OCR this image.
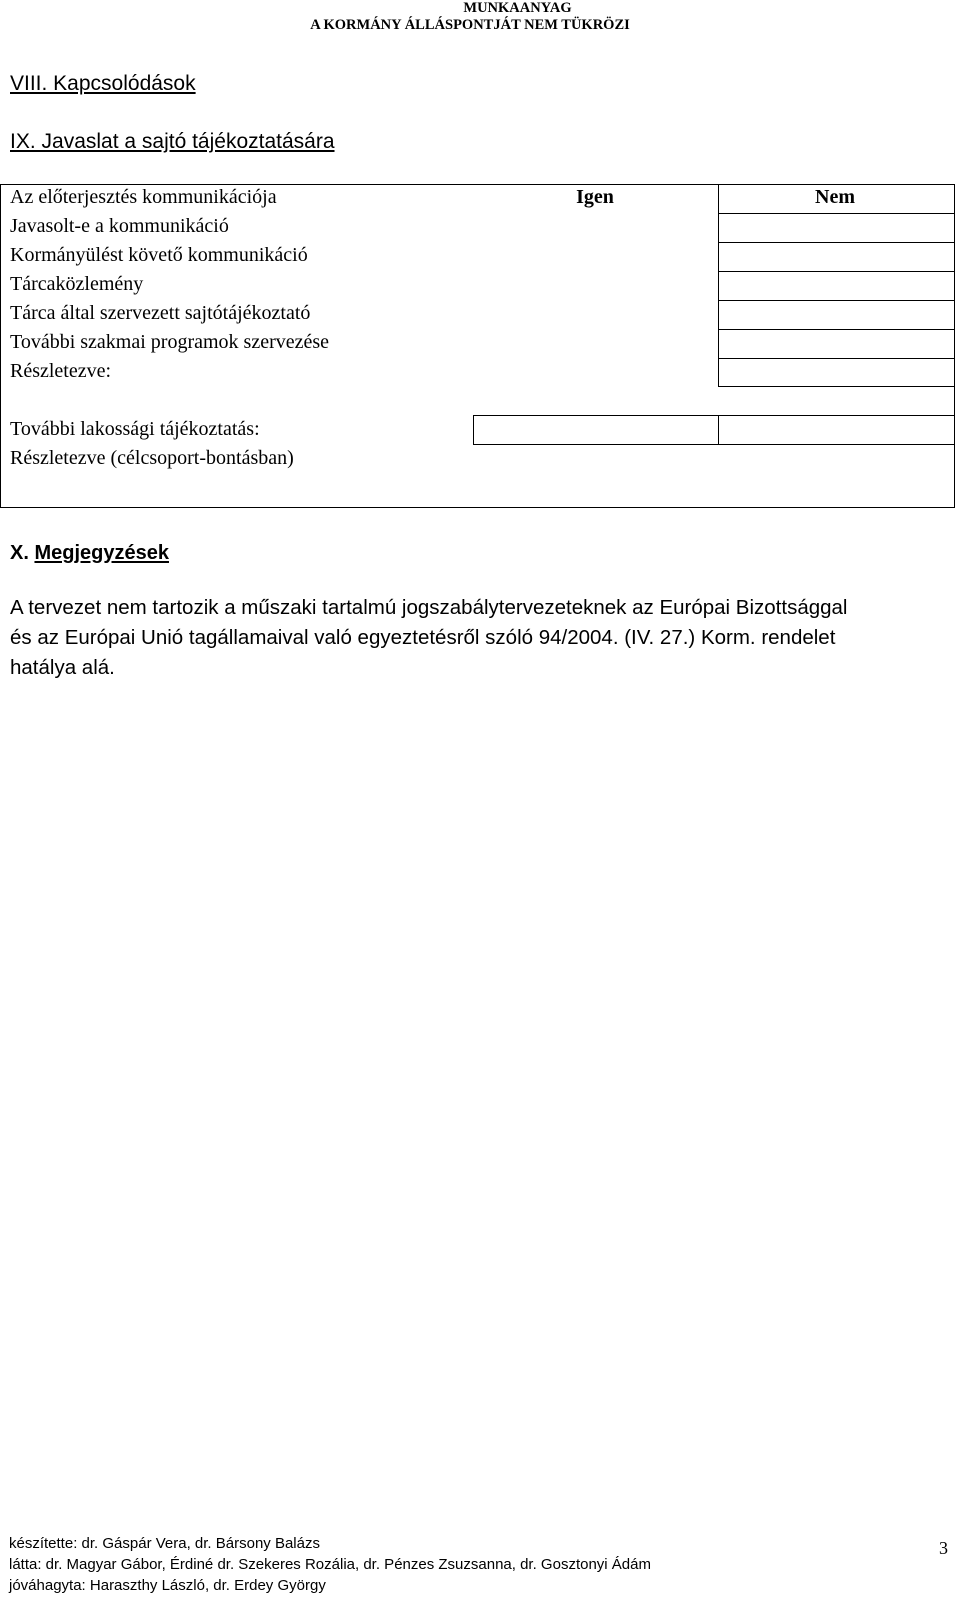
MUNKAANYAG
A KORMÁNY ÁLLÁSPONTJÁT NEM TÜKRÖZI
VIII. Kapcsolódások
IX. Javaslat a sajtó tájékoztatására
Az előterjesztés kommunikációja	Igen	Nem
Javasolt-e a kommunikáció
Kormányülést követő kommunikáció
Tárcaközlemény
Tárca által szervezett sajtótájékoztató
További szakmai programok szervezése
Részletezve:
További lakossági tájékoztatás:
Részletezve (célcsoport-bontásban)
X. Megjegyzések
A tervezet nem tartozik a műszaki tartalmú jogszabálytervezeteknek az Európai Bizottsággal
és az Európai Unió tagállamaival való egyeztetésről szóló 94/2004. (IV. 27.) Korm. rendelet
hatálya alá.
készítette: dr. Gáspár Vera, dr. Bársony Balázs
látta: dr. Magyar Gábor, Érdiné dr. Szekeres Rozália, dr. Pénzes Zsuzsanna, dr. Gosztonyi Ádám
jóváhagyta: Haraszthy László, dr. Erdey György
3
